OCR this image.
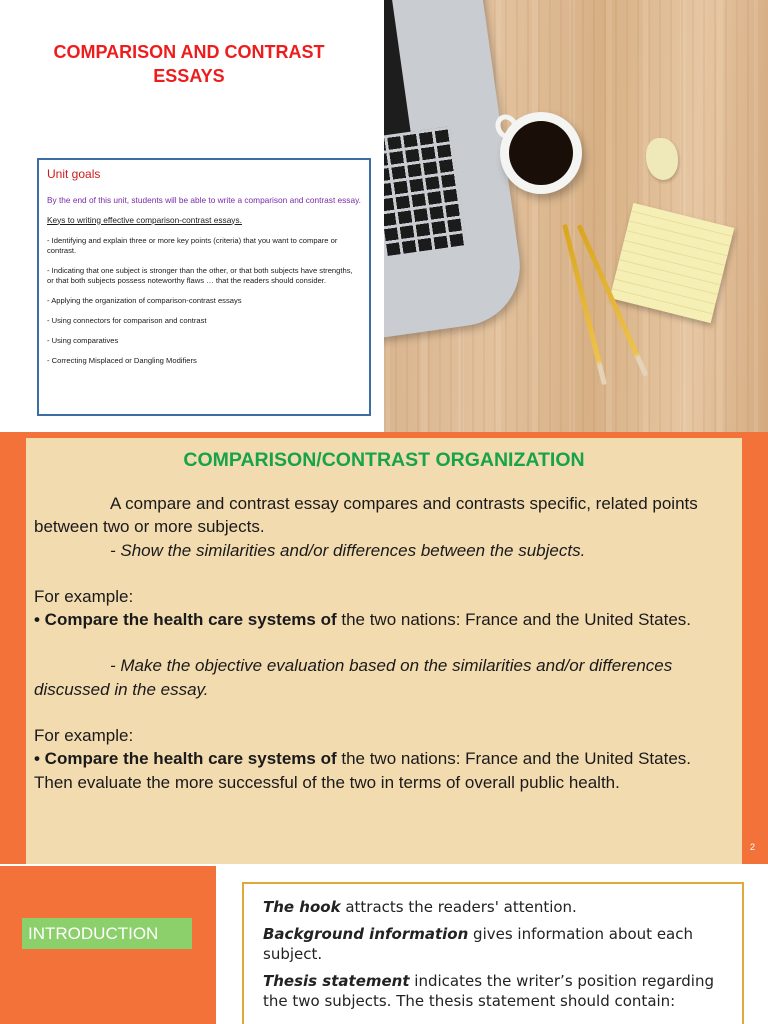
COMPARISON AND CONTRAST
ESSAYS
Unit goals
By the end of this unit, students will be able to write a comparison and contrast essay.
Keys to writing effective comparison-contrast essays.
- Identifying and explain three or more key points (criteria) that you want to compare or contrast.
- Indicating that one subject is stronger than the other, or that both subjects have strengths, or that both subjects possess noteworthy flaws … that the readers should consider.
- Applying the organization of comparison-contrast essays
- Using connectors for comparison and contrast
- Using comparatives
- Correcting Misplaced or Dangling Modifiers
COMPARISON/CONTRAST ORGANIZATION

A compare and contrast essay compares and contrasts specific, related points between two or more subjects.

- Show the similarities and/or differences between the subjects.

For example:

• Compare the health care systems of the two nations: France and the United States.

- Make the objective evaluation based on the similarities and/or differences discussed in the essay.

For example:

• Compare the health care systems of the two nations: France and the United States. Then evaluate the more successful of the two in terms of overall public health.

2
INTRODUCTION

The hook attracts the readers' attention.

Background information gives information about each subject.

Thesis statement indicates the writer’s position regarding the two subjects. The thesis statement should contain:
